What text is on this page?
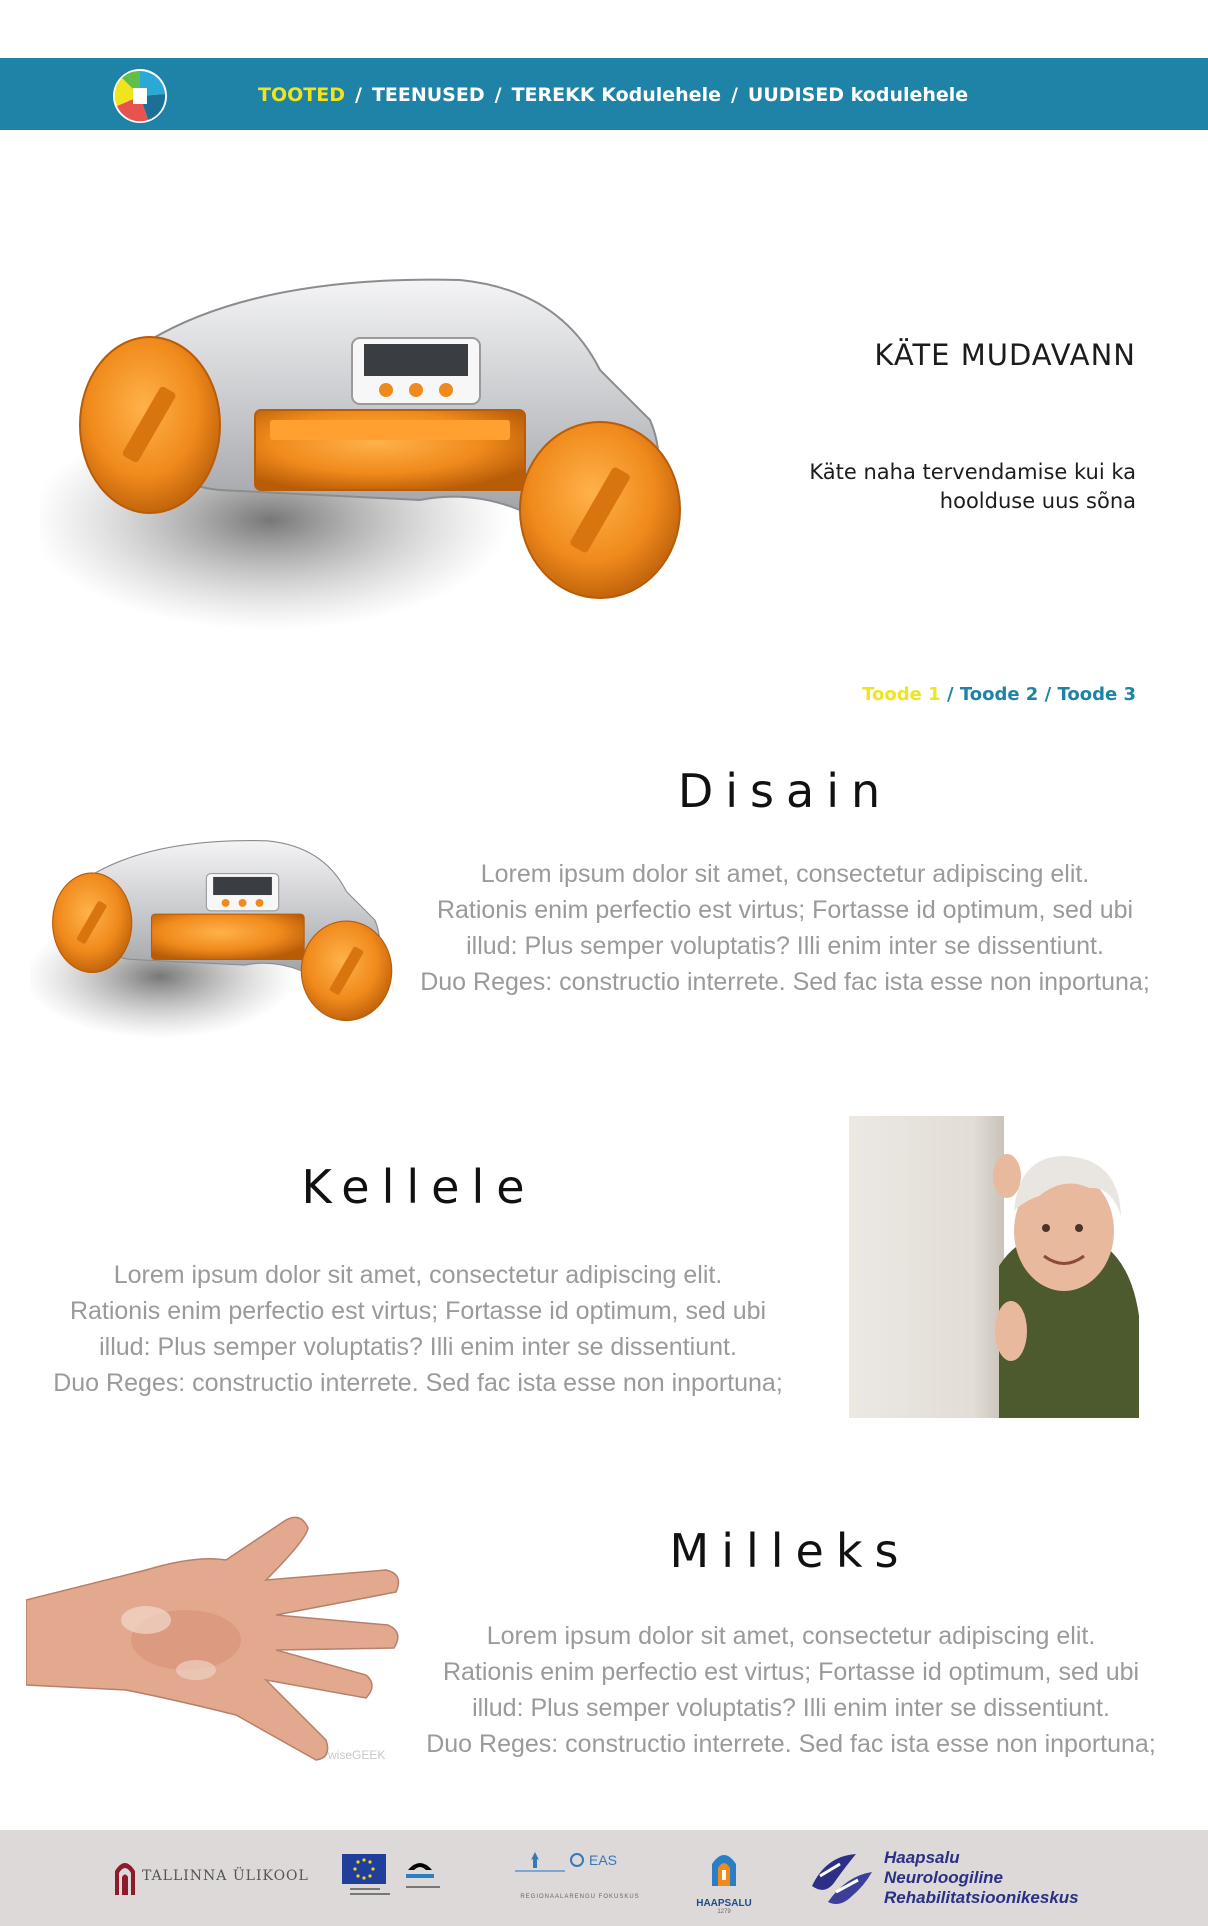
TOOTED / TEENUSED / TEREKK Kodulehele / UUDISED kodulehele
KÄTE MUDAVANN
Käte naha tervendamise kui ka
hoolduse uus sõna
Toode 1 / Toode 2 / Toode 3
Disain
Lorem ipsum dolor sit amet, consectetur adipiscing elit.
Rationis enim perfectio est virtus; Fortasse id optimum, sed ubi
illud: Plus semper voluptatis? Illi enim inter se dissentiunt.
Duo Reges: constructio interrete. Sed fac ista esse non inportuna;
Kellele
Lorem ipsum dolor sit amet, consectetur adipiscing elit.
Rationis enim perfectio est virtus; Fortasse id optimum, sed ubi
illud: Plus semper voluptatis? Illi enim inter se dissentiunt.
Duo Reges: constructio interrete. Sed fac ista esse non inportuna;
wiseGEEK
Milleks
Lorem ipsum dolor sit amet, consectetur adipiscing elit.
Rationis enim perfectio est virtus; Fortasse id optimum, sed ubi
illud: Plus semper voluptatis? Illi enim inter se dissentiunt.
Duo Reges: constructio interrete. Sed fac ista esse non inportuna;
TALLINNA ÜLIKOOL
EAS
REGIONAALARENGU FOKUSKUS
HAAPSALU
1279
Haapsalu
Neuroloogiline
Rehabilitatsioonikeskus
